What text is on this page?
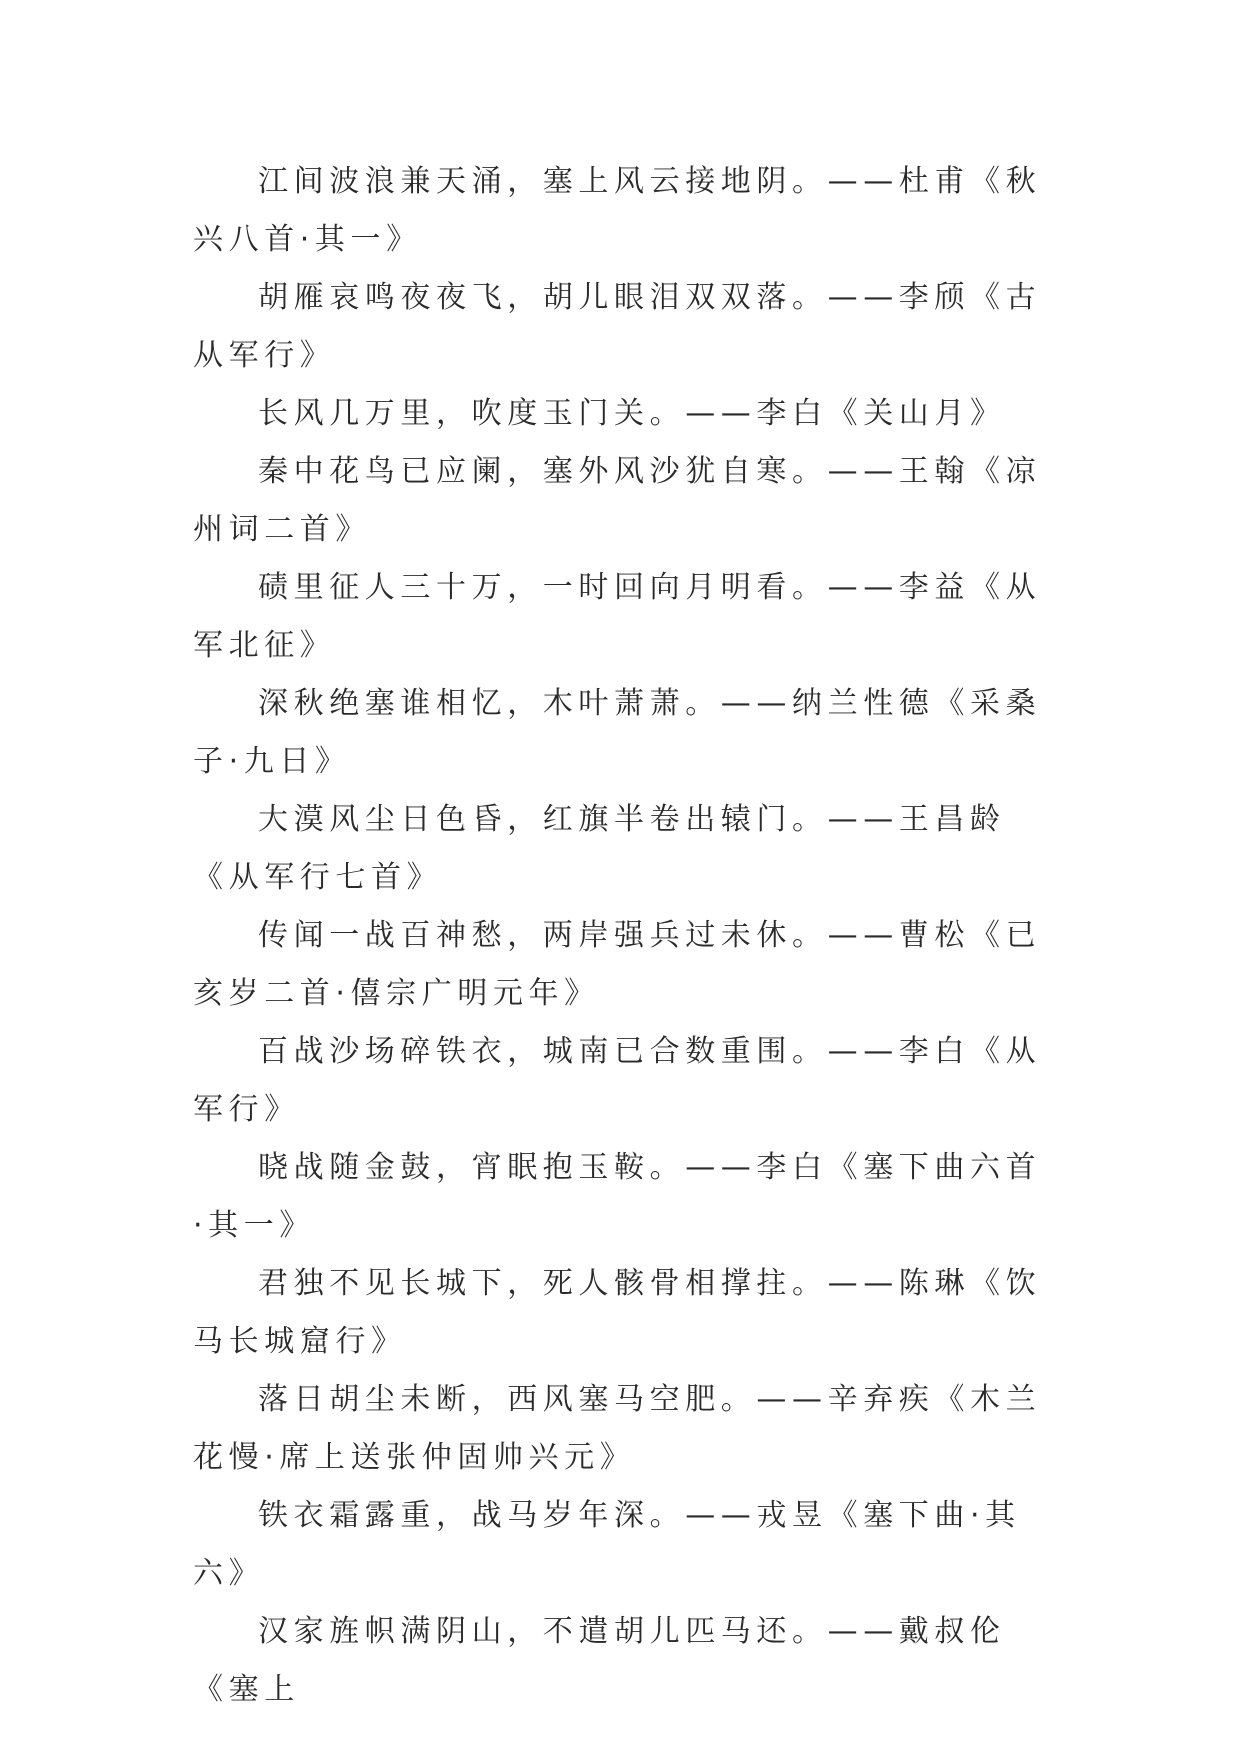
江间波浪兼天涌，塞上风云接地阴。——杜甫《秋兴八首·其一》

胡雁哀鸣夜夜飞，胡儿眼泪双双落。——李颀《古从军行》

长风几万里，吹度玉门关。——李白《关山月》

秦中花鸟已应阑，塞外风沙犹自寒。——王翰《凉州词二首》

碛里征人三十万，一时回向月明看。——李益《从军北征》

深秋绝塞谁相忆，木叶萧萧。——纳兰性德《采桑子·九日》

大漠风尘日色昏，红旗半卷出辕门。——王昌龄《从军行七首》

传闻一战百神愁，两岸强兵过未休。——曹松《已亥岁二首·僖宗广明元年》

百战沙场碎铁衣，城南已合数重围。——李白《从军行》

晓战随金鼓，宵眠抱玉鞍。——李白《塞下曲六首·其一》

君独不见长城下，死人骸骨相撑拄。——陈琳《饮马长城窟行》

落日胡尘未断，西风塞马空肥。——辛弃疾《木兰花慢·席上送张仲固帅兴元》

铁衣霜露重，战马岁年深。——戎昱《塞下曲·其六》

汉家旌帜满阴山，不遣胡儿匹马还。——戴叔伦《塞上
